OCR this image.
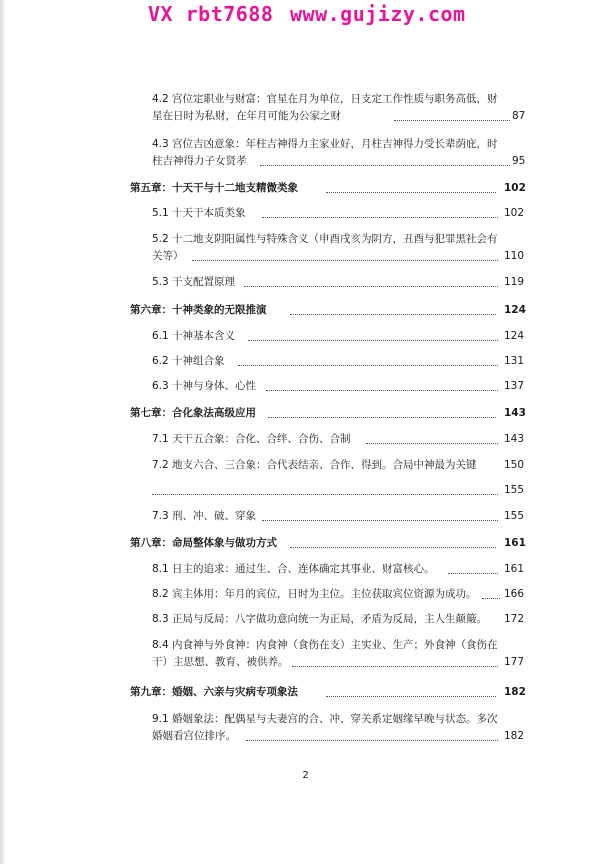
VX rbt7688

www.gujizy.com

4.2 宫位定职业与财富：官星在月为单位，日支定工作性质与职务高低，财
星在日时为私财，在年月可能为公家之财	87
4.3 宫位吉凶意象：年柱吉神得力主家业好，月柱吉神得力受长辈荫庇，时
柱吉神得力子女贤孝	95
第五章：十天干与十二地支精微类象	102
5.1 十天干本质类象	102
5.2 十二地支阴阳属性与特殊含义（申酉戌亥为阴方，丑酉与犯罪黑社会有
关等）	110
5.3 干支配置原理	119
第六章：十神类象的无限推演	124
6.1 十神基本含义	124
6.2 十神组合象	131
6.3 十神与身体、心性	137
第七章：合化象法高级应用	143
7.1 天干五合象：合化、合绊、合伤、合制	143
7.2 地支六合、三合象：合代表结亲、合作、得到。合局中神最为关键	150
155
7.3 刑、冲、破、穿象	155
第八章：命局整体象与做功方式	161
8.1 日主的追求：通过生、合、连体确定其事业、财富核心。	161
8.2 宾主体用：年月的宾位，日时为主位。主位获取宾位资源为成功。	166
8.3 正局与反局：八字做功意向统一为正局，矛盾为反局，主人生颠簸。 172
8.4 内食神与外食神：内食神（食伤在支）主实业、生产；外食神（食伤在
干）主思想、教育、被供养。	177
第九章：婚姻、六亲与灾病专项象法	182
9.1 婚姻象法：配偶星与夫妻宫的合、冲、穿关系定姻缘早晚与状态。多次
婚姻看宫位排序。	182
2
